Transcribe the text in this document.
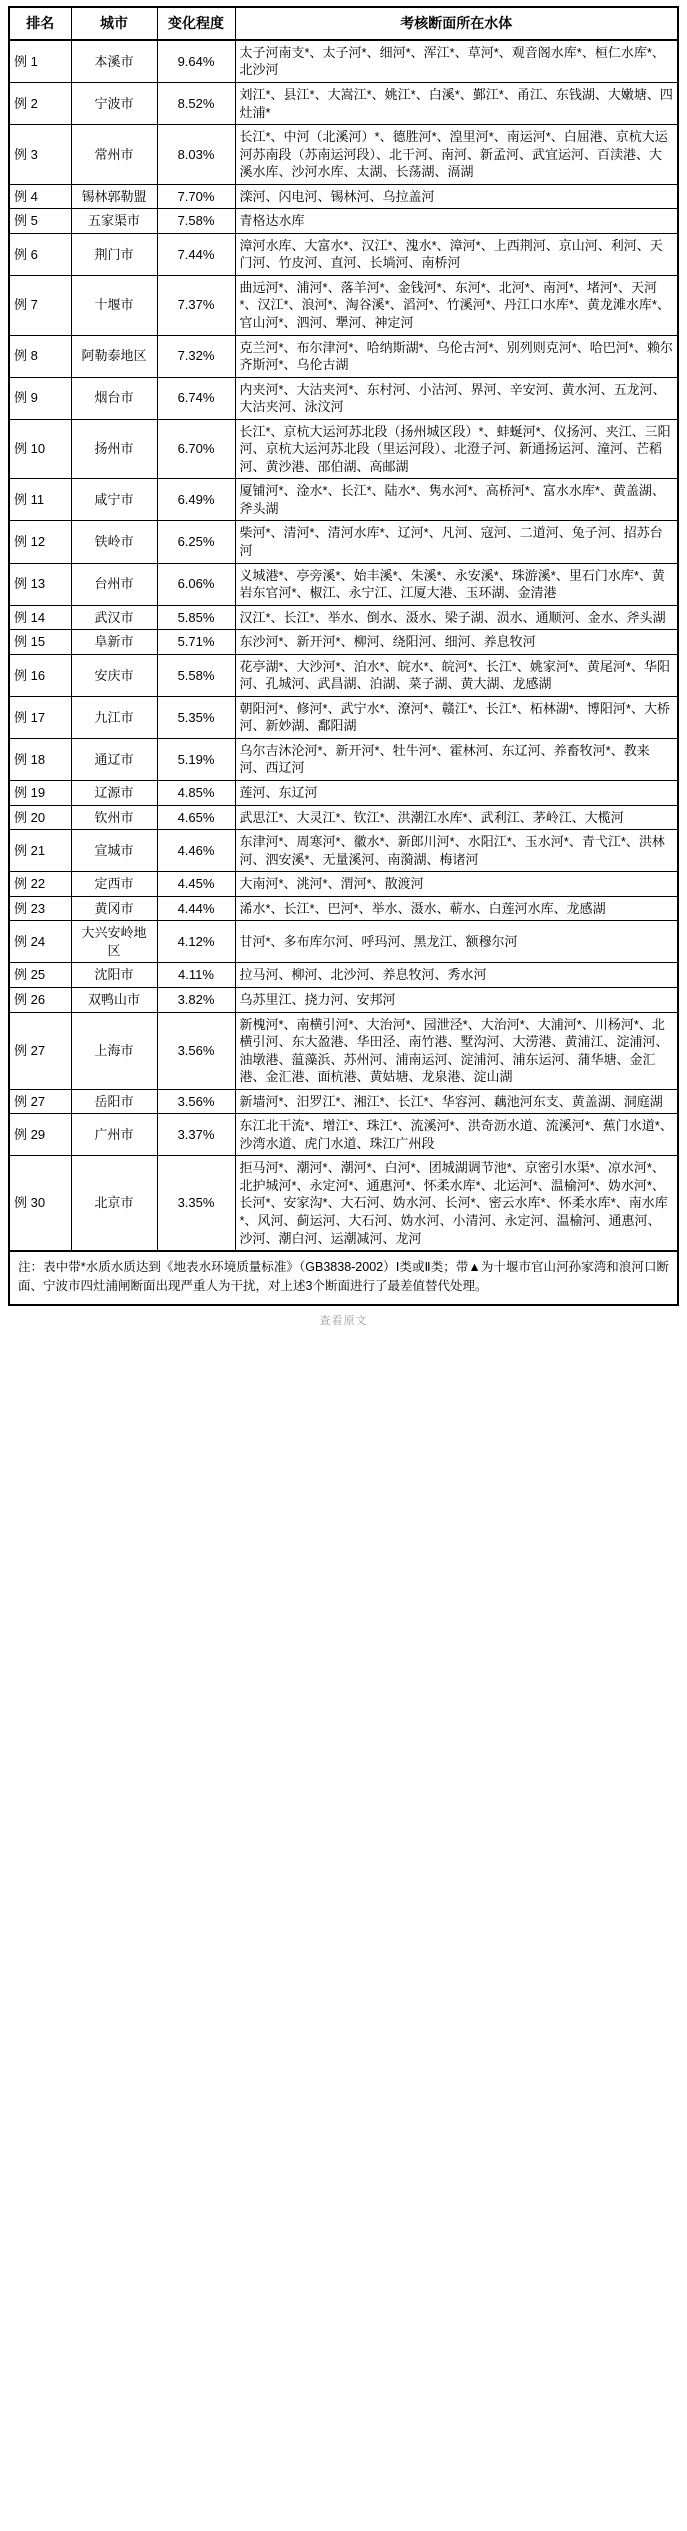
排名	城市	变化程度	考核断面所在水体
例 1	本溪市	9.64%	太子河南支*、太子河*、细河*、浑江*、草河*、观音阁水库*、桓仁水库*、北沙河
例 2	宁波市	8.52%	刘江*、县江*、大嵩江*、姚江*、白溪*、鄞江*、甬江、东钱湖、大嫩塘、四灶浦*
例 3	常州市	8.03%	长江*、中河（北溪河）*、德胜河*、湟里河*、南运河*、白屈港、京杭大运河苏南段（苏南运河段）、北干河、南河、新孟河、武宜运河、百渎港、大溪水库、沙河水库、太湖、长荡湖、滆湖
例 4	锡林郭勒盟	7.70%	滦河、闪电河、锡林河、乌拉盖河
例 5	五家渠市	7.58%	青格达水库
例 6	荆门市	7.44%	漳河水库、大富水*、汉江*、溾水*、漳河*、上西荆河、京山河、利河、天门河、竹皮河、直河、长埫河、南桥河
例 7	十堰市	7.37%	曲远河*、浦河*、落羊河*、金钱河*、东河*、北河*、南河*、堵河*、天河*、汉江*、浪河*、淘谷溪*、滔河*、竹溪河*、丹江口水库*、黄龙滩水库*、官山河*、泗河、犟河、神定河
例 8	阿勒泰地区	7.32%	克兰河*、布尔津河*、哈纳斯湖*、乌伦古河*、别列则克河*、哈巴河*、赖尔齐斯河*、乌伦古湖
例 9	烟台市	6.74%	内夹河*、大沽夹河*、东村河、小沽河、界河、辛安河、黄水河、五龙河、大沽夹河、泳汶河
例 10	扬州市	6.70%	长江*、京杭大运河苏北段（扬州城区段）*、蚌蜒河*、仪扬河、夹江、三阳河、京杭大运河苏北段（里运河段）、北澄子河、新通扬运河、潼河、芒稻河、黄沙港、邵伯湖、高邮湖
例 11	咸宁市	6.49%	厦铺河*、淦水*、长江*、陆水*、隽水河*、高桥河*、富水水库*、黄盖湖、斧头湖
例 12	铁岭市	6.25%	柴河*、清河*、清河水库*、辽河*、凡河、寇河、二道河、兔子河、招苏台河
例 13	台州市	6.06%	义城港*、亭旁溪*、始丰溪*、朱溪*、永安溪*、珠游溪*、里石门水库*、黄岩东官河*、椒江、永宁江、江厦大港、玉环湖、金清港
例 14	武汉市	5.85%	汉江*、长江*、举水、倒水、滠水、梁子湖、涢水、通顺河、金水、斧头湖
例 15	阜新市	5.71%	东沙河*、新开河*、柳河、绕阳河、细河、养息牧河
例 16	安庆市	5.58%	花亭湖*、大沙河*、泊水*、皖水*、皖河*、长江*、姚家河*、黄尾河*、华阳河、孔城河、武昌湖、泊湖、菜子湖、黄大湖、龙感湖
例 17	九江市	5.35%	朝阳河*、修河*、武宁水*、潦河*、赣江*、长江*、柘林湖*、博阳河*、大桥河、新妙湖、鄱阳湖
例 18	通辽市	5.19%	乌尔吉沐沦河*、新开河*、牡牛河*、霍林河、东辽河、养畜牧河*、教来河、西辽河
例 19	辽源市	4.85%	莲河、东辽河
例 20	钦州市	4.65%	武思江*、大灵江*、钦江*、洪潮江水库*、武利江、茅岭江、大榄河
例 21	宣城市	4.46%	东津河*、周寒河*、徽水*、新郎川河*、水阳江*、玉水河*、青弋江*、洪林河、泗安溪*、无量溪河、南漪湖、梅诸河
例 22	定西市	4.45%	大南河*、洮河*、渭河*、散渡河
例 23	黄冈市	4.44%	浠水*、长江*、巴河*、举水、滠水、蕲水、白莲河水库、龙感湖
例 24	大兴安岭地区	4.12%	甘河*、多布库尔河、呼玛河、黑龙江、额穆尔河
例 25	沈阳市	4.11%	拉马河、柳河、北沙河、养息牧河、秀水河
例 26	双鸭山市	3.82%	乌苏里江、挠力河、安邦河
例 27	上海市	3.56%	新槐河*、南横引河*、大治河*、园泄泾*、大治河*、大浦河*、川杨河*、北横引河、东大盈港、华田泾、南竹港、墅沟河、大涝港、黄浦江、淀浦河、油墩港、蕰藻浜、苏州河、浦南运河、淀浦河、浦东运河、蒲华塘、金汇港、金汇港、面杭港、黄姑塘、龙泉港、淀山湖
例 27	岳阳市	3.56%	新墙河*、汨罗江*、湘江*、长江*、华容河、藕池河东支、黄盖湖、洞庭湖
例 29	广州市	3.37%	东江北干流*、增江*、珠江*、流溪河*、洪奇沥水道、流溪河*、蕉门水道*、沙湾水道、虎门水道、珠江广州段
例 30	北京市	3.35%	拒马河*、潮河*、潮河*、白河*、团城湖调节池*、京密引水渠*、凉水河*、北护城河*、永定河*、通惠河*、怀柔水库*、北运河*、温榆河*、妫水河*、长河*、安家沟*、大石河、妫水河、长河*、密云水库*、怀柔水库*、南水库*、风河、蓟运河、大石河、妫水河、小清河、永定河、温榆河、通惠河、沙河、潮白河、运潮减河、龙河
注：表中带*水质水质达到《地表水环境质量标准》（GB3838-2002）Ⅰ类或Ⅱ类；带▲为十堰市官山河孙家湾和浪河口断面、宁波市四灶浦闸断面出现严重人为干扰，对上述3个断面进行了最差值替代处理。
查看原文
